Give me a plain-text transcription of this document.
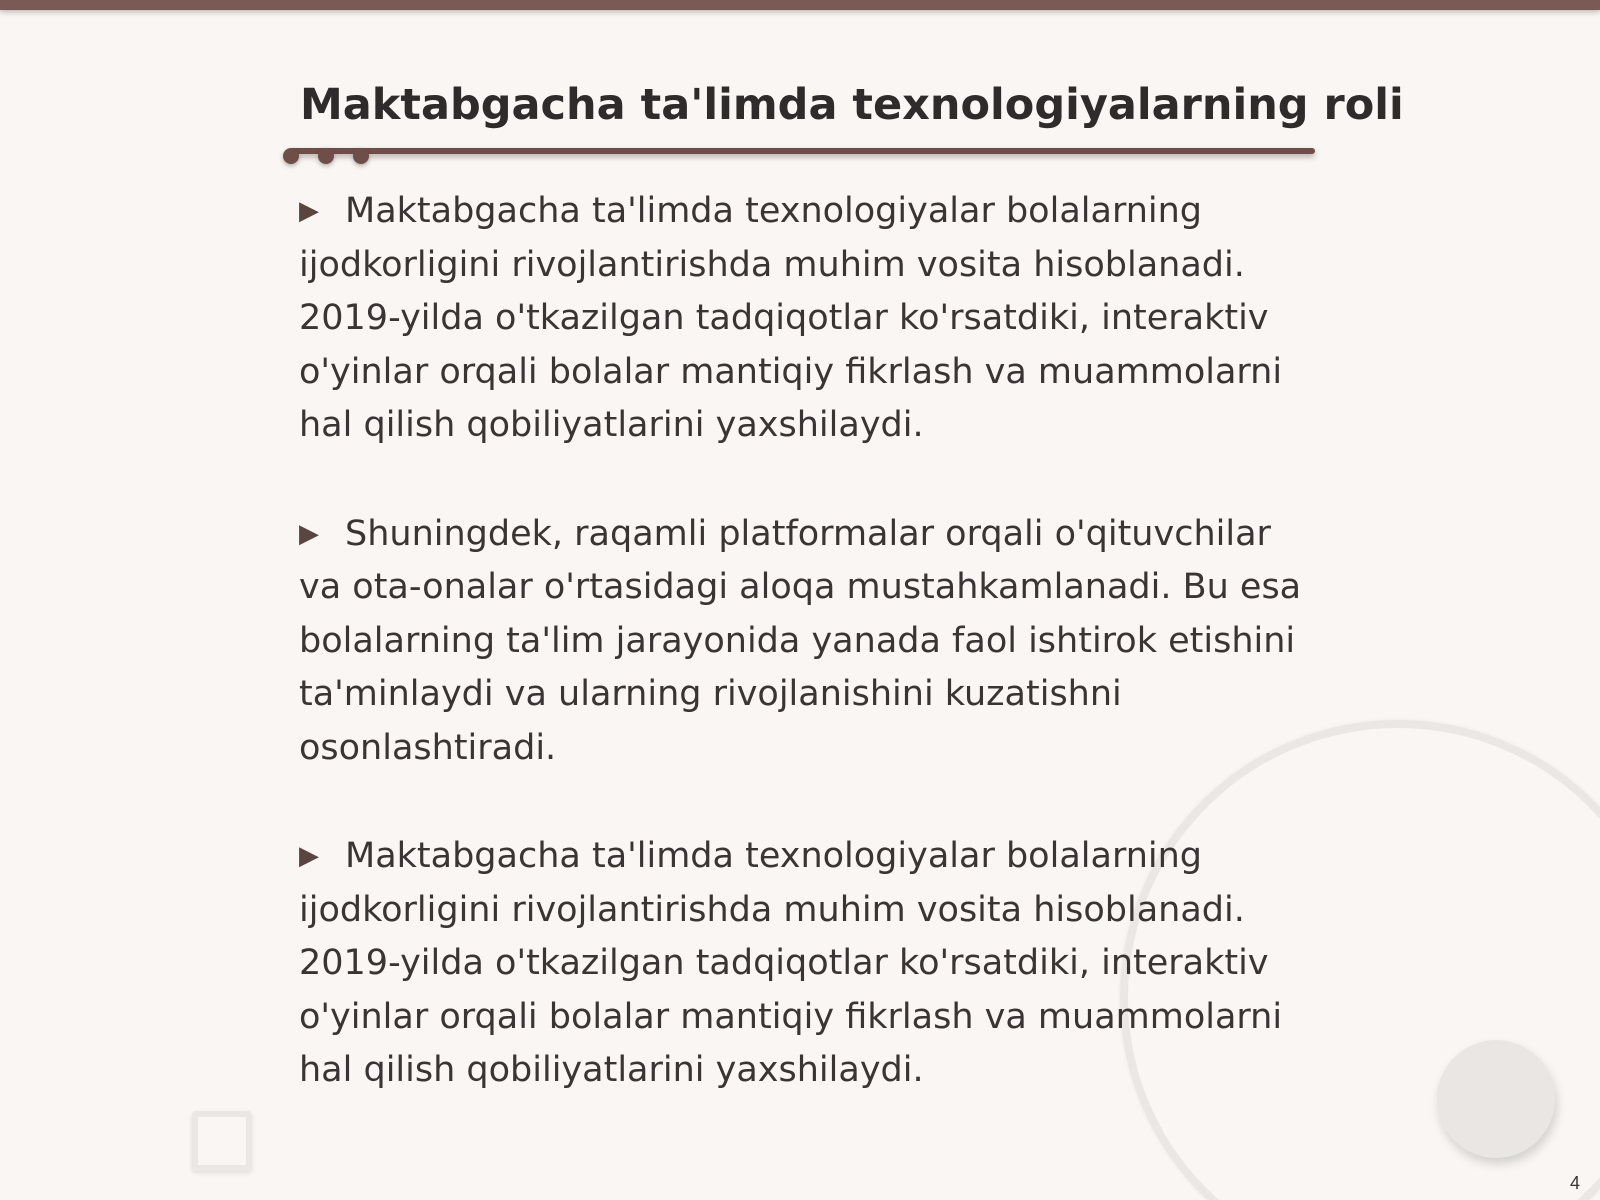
Maktabgacha ta'limda texnologiyalarning roli

▶ Maktabgacha ta'limda texnologiyalar bolalarning ijodkorligini rivojlantirishda muhim vosita hisoblanadi. 2019-yilda o'tkazilgan tadqiqotlar ko'rsatdiki, interaktiv o'yinlar orqali bolalar mantiqiy fikrlash va muammolarni hal qilish qobiliyatlarini yaxshilaydi.

▶ Shuningdek, raqamli platformalar orqali o'qituvchilar va ota-onalar o'rtasidagi aloqa mustahkamlanadi. Bu esa bolalarning ta'lim jarayonida yanada faol ishtirok etishini ta'minlaydi va ularning rivojlanishini kuzatishni osonlashtiradi.

▶ Maktabgacha ta'limda texnologiyalar bolalarning ijodkorligini rivojlantirishda muhim vosita hisoblanadi. 2019-yilda o'tkazilgan tadqiqotlar ko'rsatdiki, interaktiv o'yinlar orqali bolalar mantiqiy fikrlash va muammolarni hal qilish qobiliyatlarini yaxshilaydi.

4
